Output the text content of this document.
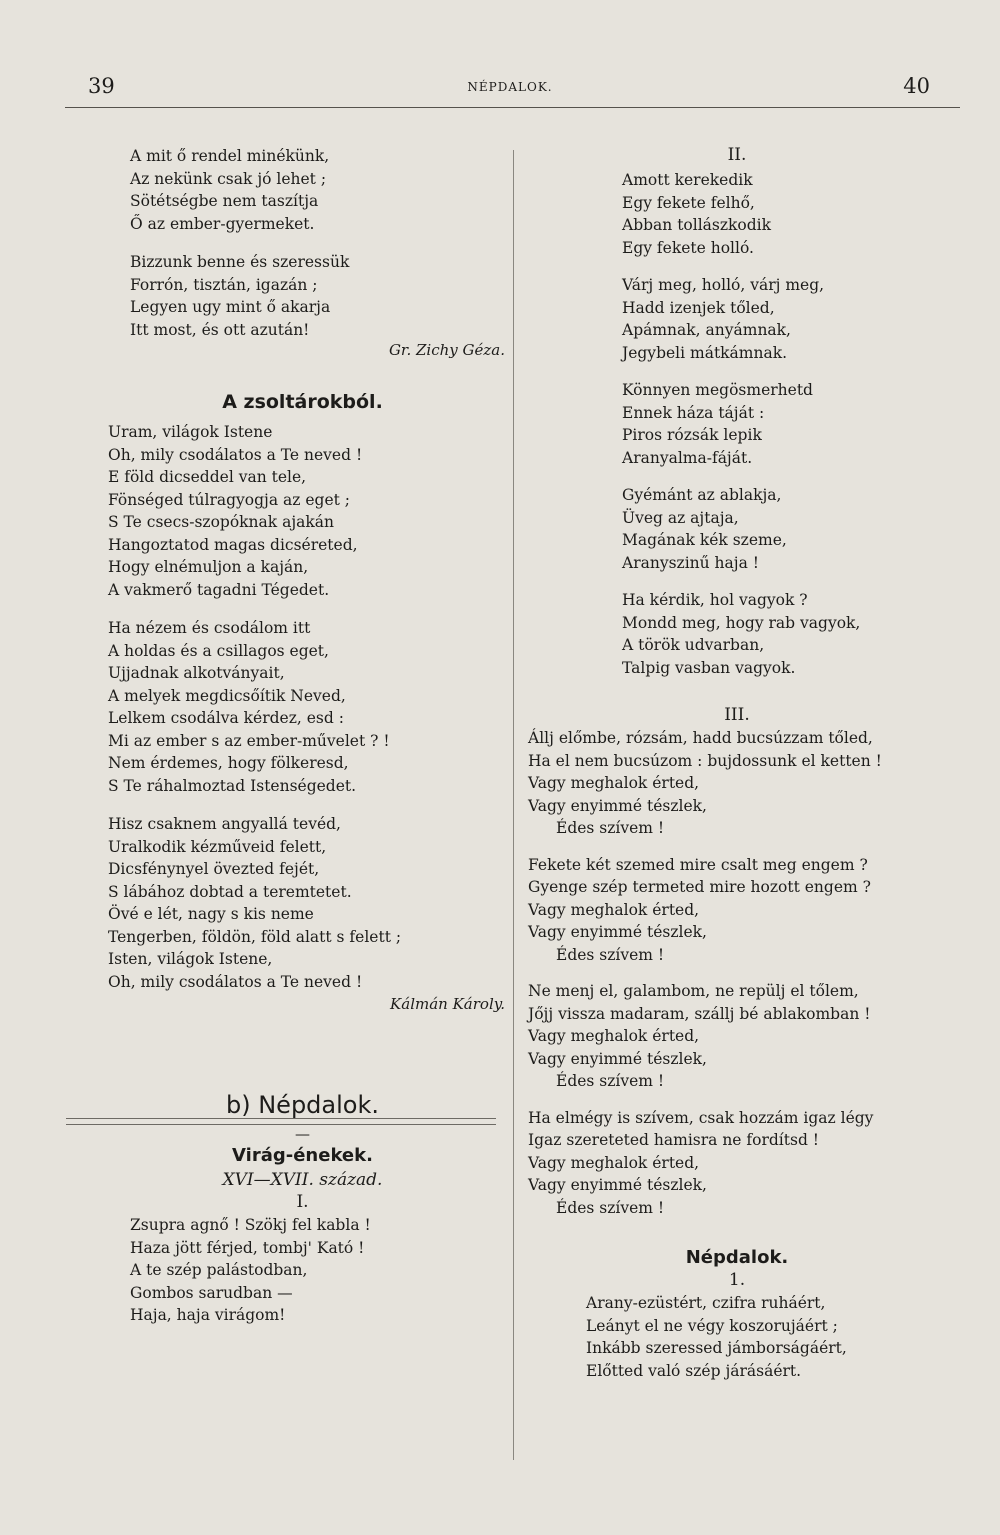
39	NÉPDALOK.	40
A mit ő rendel minékünk,
Az nekünk csak jó lehet ;
Sötétségbe nem taszítja
Ő az ember-gyermeket.
Bizzunk benne és szeressük
Forrón, tisztán, igazán ;
Legyen ugy mint ő akarja
Itt most, és ott azután!
Gr. Zichy Géza.
A zsoltárokból.
Uram, világok Istene
Oh, mily csodálatos a Te neved !
E föld dicseddel van tele,
Fönséged túlragyogja az eget ;
S Te csecs-szopóknak ajakán
Hangoztatod magas dicséreted,
Hogy elnémuljon a kaján,
A vakmerő tagadni Tégedet.
Ha nézem és csodálom itt
A holdas és a csillagos eget,
Ujjadnak alkotványait,
A melyek megdicsőítik Neved,
Lelkem csodálva kérdez, esd :
Mi az ember s az ember-művelet ? !
Nem érdemes, hogy fölkeresd,
S Te ráhalmoztad Istenségedet.
Hisz csaknem angyallá tevéd,
Uralkodik kézműveid felett,
Dicsfénynyel övezted fejét,
S lábához dobtad a teremtetet.
Övé e lét, nagy s kis neme
Tengerben, földön, föld alatt s felett ;
Isten, világok Istene,
Oh, mily csodálatos a Te neved !
Kálmán Károly.
b) Népdalok.
—
Virág-énekek.
XVI—XVII. század.
I.
Zsupra agnő ! Szökj fel kabla !
Haza jött férjed, tombj' Kató !
A te szép palástodban,
Gombos sarudban —
Haja, haja virágom!
II.
Amott kerekedik
Egy fekete felhő,
Abban tollászkodik
Egy fekete holló.
Várj meg, holló, várj meg,
Hadd izenjek tőled,
Apámnak, anyámnak,
Jegybeli mátkámnak.
Könnyen megösmerhetd
Ennek háza táját :
Piros rózsák lepik
Aranyalma-fáját.
Gyémánt az ablakja,
Üveg az ajtaja,
Magának kék szeme,
Aranyszinű haja !
Ha kérdik, hol vagyok ?
Mondd meg, hogy rab vagyok,
A török udvarban,
Talpig vasban vagyok.
III.
Állj előmbe, rózsám, hadd bucsúzzam tőled,
Ha el nem bucsúzom : bujdossunk el ketten !
Vagy meghalok érted,
Vagy enyimmé tészlek,
Édes szívem !
Fekete két szemed mire csalt meg engem ?
Gyenge szép termeted mire hozott engem ?
Vagy meghalok érted,
Vagy enyimmé tészlek,
Édes szívem !
Ne menj el, galambom, ne repülj el tőlem,
Jőjj vissza madaram, szállj bé ablakomban !
Vagy meghalok érted,
Vagy enyimmé tészlek,
Édes szívem !
Ha elmégy is szívem, csak hozzám igaz légy
Igaz szereteted hamisra ne fordítsd !
Vagy meghalok érted,
Vagy enyimmé tészlek,
Édes szívem !
Népdalok.
1.
Arany-ezüstért, czifra ruháért,
Leányt el ne végy koszorujáért ;
Inkább szeressed jámborságáért,
Előtted való szép járásáért.
